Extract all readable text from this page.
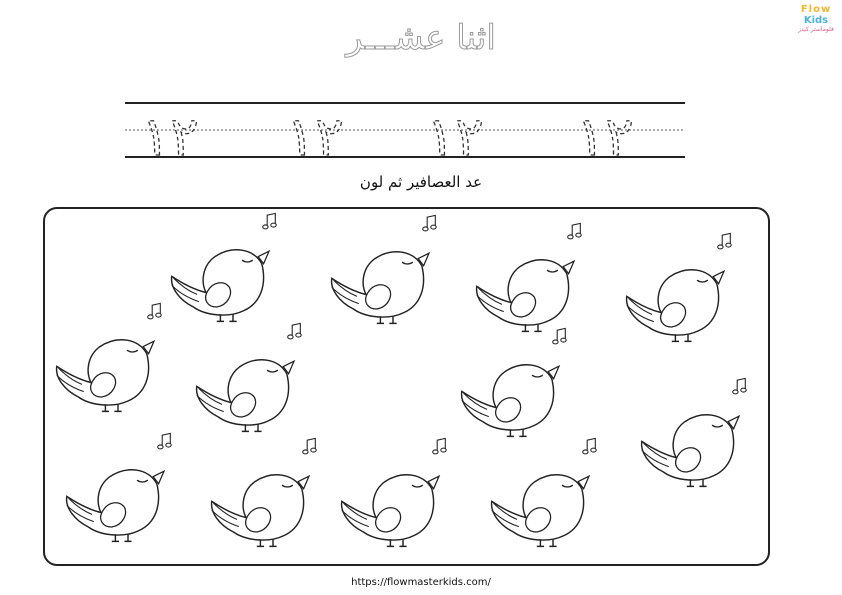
Flow
Kids
فلوماستر كيدز
اثنا عشـــر
١٢ ١٢ ١٢ ١٢
عد العصافير ثم لون
https://flowmasterkids.com/
